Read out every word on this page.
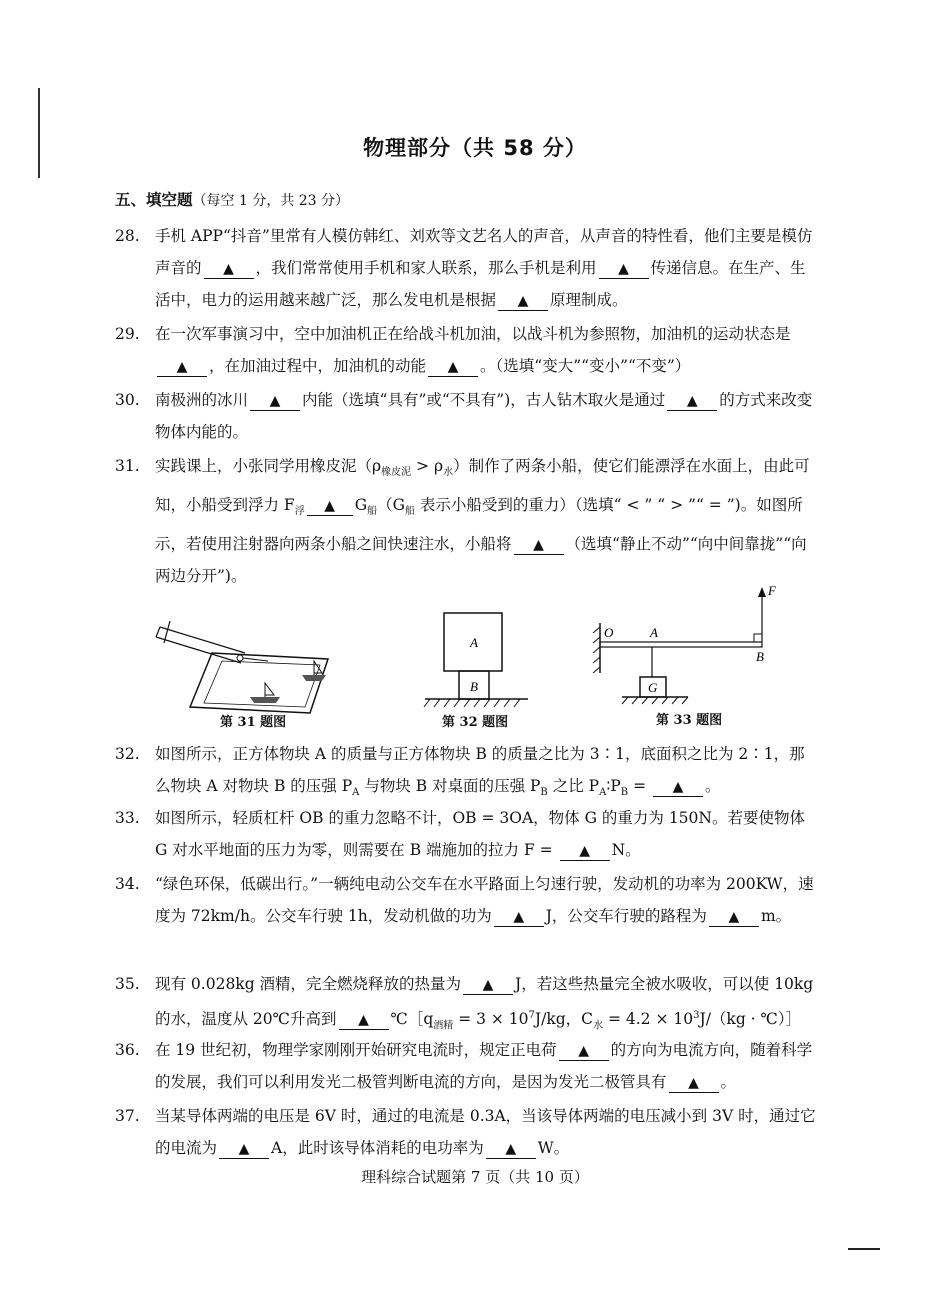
物理部分（共 58 分）
五、填空题（每空 1 分，共 23 分）
28. 手机 APP“抖音”里常有人模仿韩红、刘欢等文艺名人的声音，从声音的特性看，他们主要是模仿声音的 ▲ ，我们常常使用手机和家人联系，那么手机是利用 ▲ 传递信息。在生产、生活中，电力的运用越来越广泛，那么发电机是根据 ▲ 原理制成。
29. 在一次军事演习中，空中加油机正在给战斗机加油，以战斗机为参照物，加油机的运动状态是▲ ，在加油过程中，加油机的动能 ▲ 。（选填“变大”“变小”“不变”）
30. 南极洲的冰川 ▲ 内能（选填“具有”或“不具有”)，古人钻木取火是通过 ▲ 的方式来改变物体内能的。
31. 实践课上，小张同学用橡皮泥$(\rho_{橡皮泥} > \rho_水)$制作了两条小船，使它们能漂浮在水面上，由此可知，小船受到浮力 $F_浮$ ▲ $G_船(G_船$ 表示小船受到的重力）（选填“ < ” “ > ”“ = ”)。如图所示，若使用注射器向两条小船之间快速注水，小船将 ▲ （选填“静止不动”“向中间靠拢”“向两边分开”)。
第 31 题图
A
B
第 32 题图
O	A
B
F
G
第 33 题图
32. 如图所示，正方体物块 A 的质量与正方体物块 B 的质量之比为 3∶1，底面积之比为 2∶1，那么物块 A 对物块 B 的压强 $P_A$ 与物块 B 对桌面的压强 $P_B$ 之比 $P_A∶P_B$ = ▲ 。
33. 如图所示，轻质杠杆 OB 的重力忽略不计，OB = 3OA，物体 G 的重力为 150N。若要使物体 G 对水平地面的压力为零，则需要在 B 端施加的拉力 F = ▲ N。
34. “绿色环保，低碳出行。”一辆纯电动公交车在水平路面上匀速行驶，发动机的功率为 200KW，速度为 72km/h。公交车行驶 1h，发动机做的功为 ▲ J，公交车行驶的路程为 ▲ m。
35. 现有 0.028kg 酒精，完全燃烧释放的热量为 ▲ J，若这些热量完全被水吸收，可以使 10kg 的水，温度从 20℃升高到 ▲ $℃[q_{酒精} = 3 \times 10^7J/kg$，$C_水 = 4.2 \times 10^3J/(kg$ · ℃）］
36. 在 19 世纪初，物理学家刚刚开始研究电流时，规定正电荷 ▲ 的方向为电流方向，随着科学的发展，我们可以利用发光二极管判断电流的方向，是因为发光二极管具有 ▲ 。
37. 当某导体两端的电压是 6V 时，通过的电流是 0.3A，当该导体两端的电压减小到 3V 时，通过它的电流为 ▲ A，此时该导体消耗的电功率为 ▲ W。
理科综合试题第 7 页（共 10 页）
